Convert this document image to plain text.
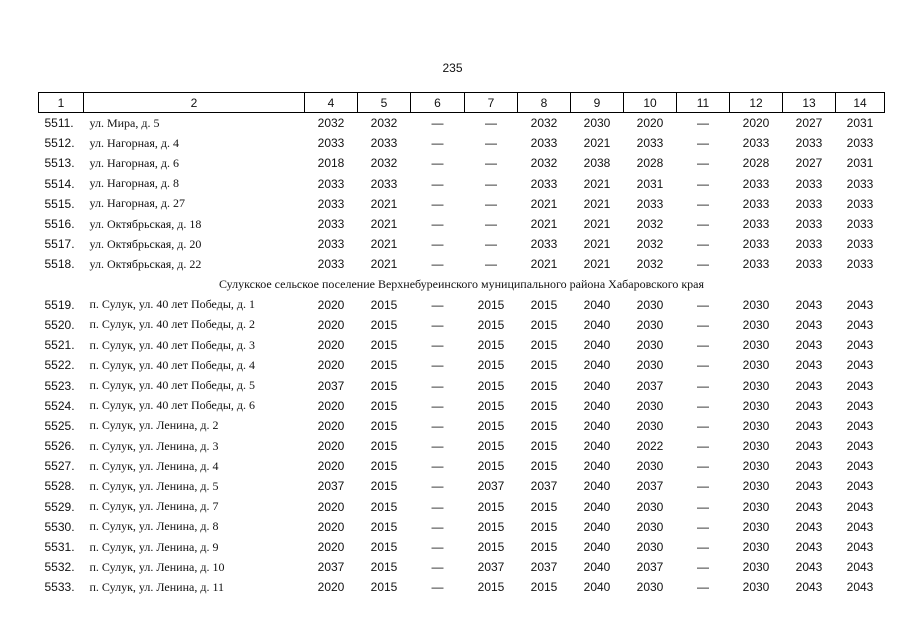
235
1	2	4	5	6	7	8	9	10	11	12	13	14
5511.	ул. Мира, д. 5	2032	2032	—	—	2032	2030	2020	—	2020	2027	2031
5512.	ул. Нагорная, д. 4	2033	2033	—	—	2033	2021	2033	—	2033	2033	2033
5513.	ул. Нагорная, д. 6	2018	2032	—	—	2032	2038	2028	—	2028	2027	2031
5514.	ул. Нагорная, д. 8	2033	2033	—	—	2033	2021	2031	—	2033	2033	2033
5515.	ул. Нагорная, д. 27	2033	2021	—	—	2021	2021	2033	—	2033	2033	2033
5516.	ул. Октябрьская, д. 18	2033	2021	—	—	2021	2021	2032	—	2033	2033	2033
5517.	ул. Октябрьская, д. 20	2033	2021	—	—	2033	2021	2032	—	2033	2033	2033
5518.	ул. Октябрьская, д. 22	2033	2021	—	—	2021	2021	2032	—	2033	2033	2033
Сулукское сельское поселение Верхнебуреинского муниципального района Хабаровского края												
5519.	п. Сулук, ул. 40 лет Победы, д. 1	2020	2015	—	2015	2015	2040	2030	—	2030	2043	2043
5520.	п. Сулук, ул. 40 лет Победы, д. 2	2020	2015	—	2015	2015	2040	2030	—	2030	2043	2043
5521.	п. Сулук, ул. 40 лет Победы, д. 3	2020	2015	—	2015	2015	2040	2030	—	2030	2043	2043
5522.	п. Сулук, ул. 40 лет Победы, д. 4	2020	2015	—	2015	2015	2040	2030	—	2030	2043	2043
5523.	п. Сулук, ул. 40 лет Победы, д. 5	2037	2015	—	2015	2015	2040	2037	—	2030	2043	2043
5524.	п. Сулук, ул. 40 лет Победы, д. 6	2020	2015	—	2015	2015	2040	2030	—	2030	2043	2043
5525.	п. Сулук, ул. Ленина, д. 2	2020	2015	—	2015	2015	2040	2030	—	2030	2043	2043
5526.	п. Сулук, ул. Ленина, д. 3	2020	2015	—	2015	2015	2040	2022	—	2030	2043	2043
5527.	п. Сулук, ул. Ленина, д. 4	2020	2015	—	2015	2015	2040	2030	—	2030	2043	2043
5528.	п. Сулук, ул. Ленина, д. 5	2037	2015	—	2037	2037	2040	2037	—	2030	2043	2043
5529.	п. Сулук, ул. Ленина, д. 7	2020	2015	—	2015	2015	2040	2030	—	2030	2043	2043
5530.	п. Сулук, ул. Ленина, д. 8	2020	2015	—	2015	2015	2040	2030	—	2030	2043	2043
5531.	п. Сулук, ул. Ленина, д. 9	2020	2015	—	2015	2015	2040	2030	—	2030	2043	2043
5532.	п. Сулук, ул. Ленина, д. 10	2037	2015	—	2037	2037	2040	2037	—	2030	2043	2043
5533.	п. Сулук, ул. Ленина, д. 11	2020	2015	—	2015	2015	2040	2030	—	2030	2043	2043
